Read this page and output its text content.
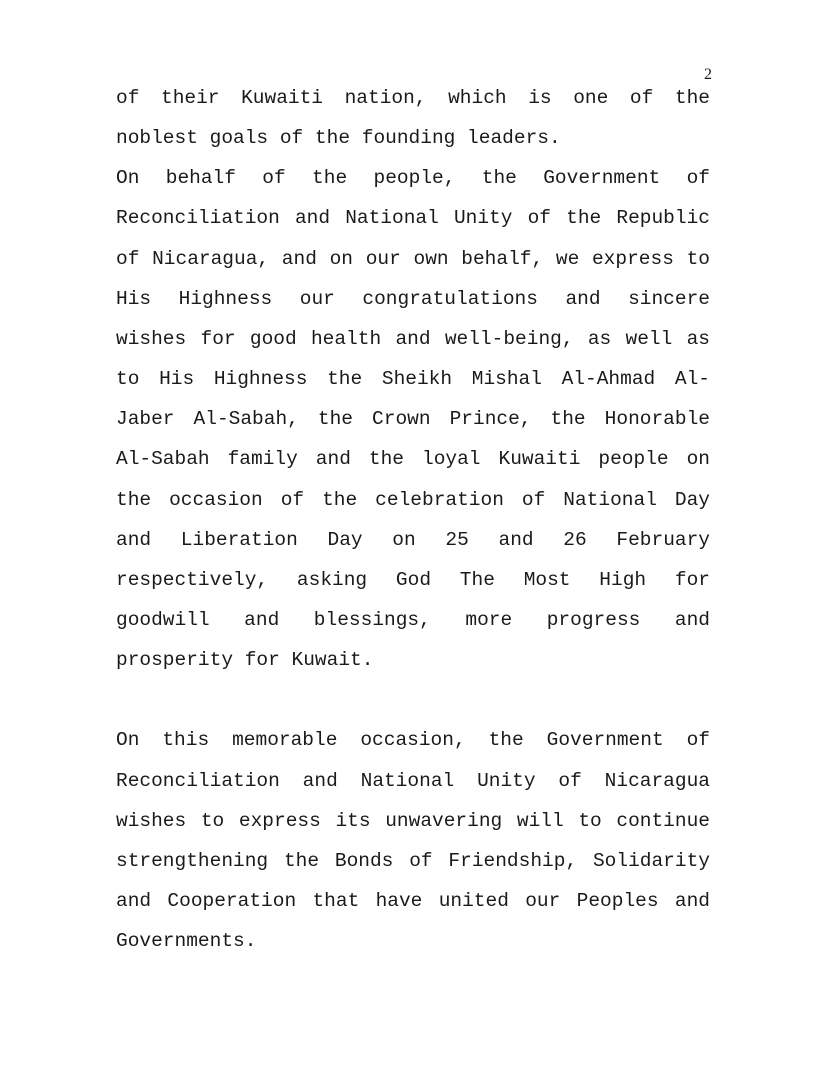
2

of their Kuwaiti nation, which is one of the noblest goals of the founding leaders.

On behalf of the people, the Government of Reconciliation and National Unity of the Republic of Nicaragua, and on our own behalf, we express to His Highness our congratulations and sincere wishes for good health and well-being, as well as to His Highness the Sheikh Mishal Al-Ahmad Al-Jaber Al-Sabah, the Crown Prince, the Honorable Al-Sabah family and the loyal Kuwaiti people on the occasion of the celebration of National Day and Liberation Day on 25 and 26 February respectively, asking God The Most High for goodwill and blessings, more progress and prosperity for Kuwait.

On this memorable occasion, the Government of Reconciliation and National Unity of Nicaragua wishes to express its unwavering will to continue strengthening the Bonds of Friendship, Solidarity and Cooperation that have united our Peoples and Governments.
